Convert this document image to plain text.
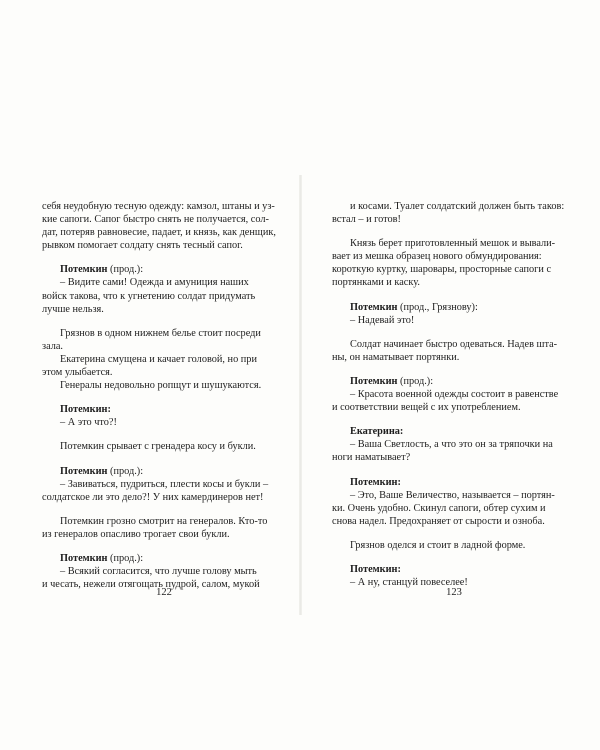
себя неудобную тесную одежду: камзол, штаны и уз-

кие сапоги. Сапог быстро снять не получается, сол-

дат, потеряв равновесие, падает, и князь, как денщик,

рывком помогает солдату снять тесный сапог.

Потемкин (прод.):

– Видите сами! Одежда и амуниция наших

войск такова, что к угнетению солдат придумать

лучше нельзя.

Грязнов в одном нижнем белье стоит посреди

зала.

Екатерина смущена и качает головой, но при

этом улыбается.

Генералы недовольно ропщут и шушукаются.

Потемкин:

– А это что?!

Потемкин срывает с гренадера косу и букли.

Потемкин (прод.):

– Завиваться, пудриться, плести косы и букли –

солдатское ли это дело?! У них камердинеров нет!

Потемкин грозно смотрит на генералов. Кто-то

из генералов опасливо трогает свои букли.

Потемкин (прод.):

– Всякий согласится, что лучше голову мыть

и чесать, нежели отягощать пудрой, салом, мукой

122

и косами. Туалет солдатский должен быть таков:

встал – и готов!

Князь берет приготовленный мешок и вывали-

вает из мешка образец нового обмундирования:

короткую куртку, шаровары, просторные сапоги с

портянками и каску.

Потемкин (прод., Грязнову):

– Надевай это!

Солдат начинает быстро одеваться. Надев шта-

ны, он наматывает портянки.

Потемкин (прод.):

– Красота военной одежды состоит в равенстве

и соответствии вещей с их употреблением.

Екатерина:

– Ваша Светлость, а что это он за тряпочки на

ноги наматывает?

Потемкин:

– Это, Ваше Величество, называется – портян-

ки. Очень удобно. Скинул сапоги, обтер сухим и

снова надел. Предохраняет от сырости и озноба.

Грязнов оделся и стоит в ладной форме.

Потемкин:

– А ну, станцуй повеселее!

123
